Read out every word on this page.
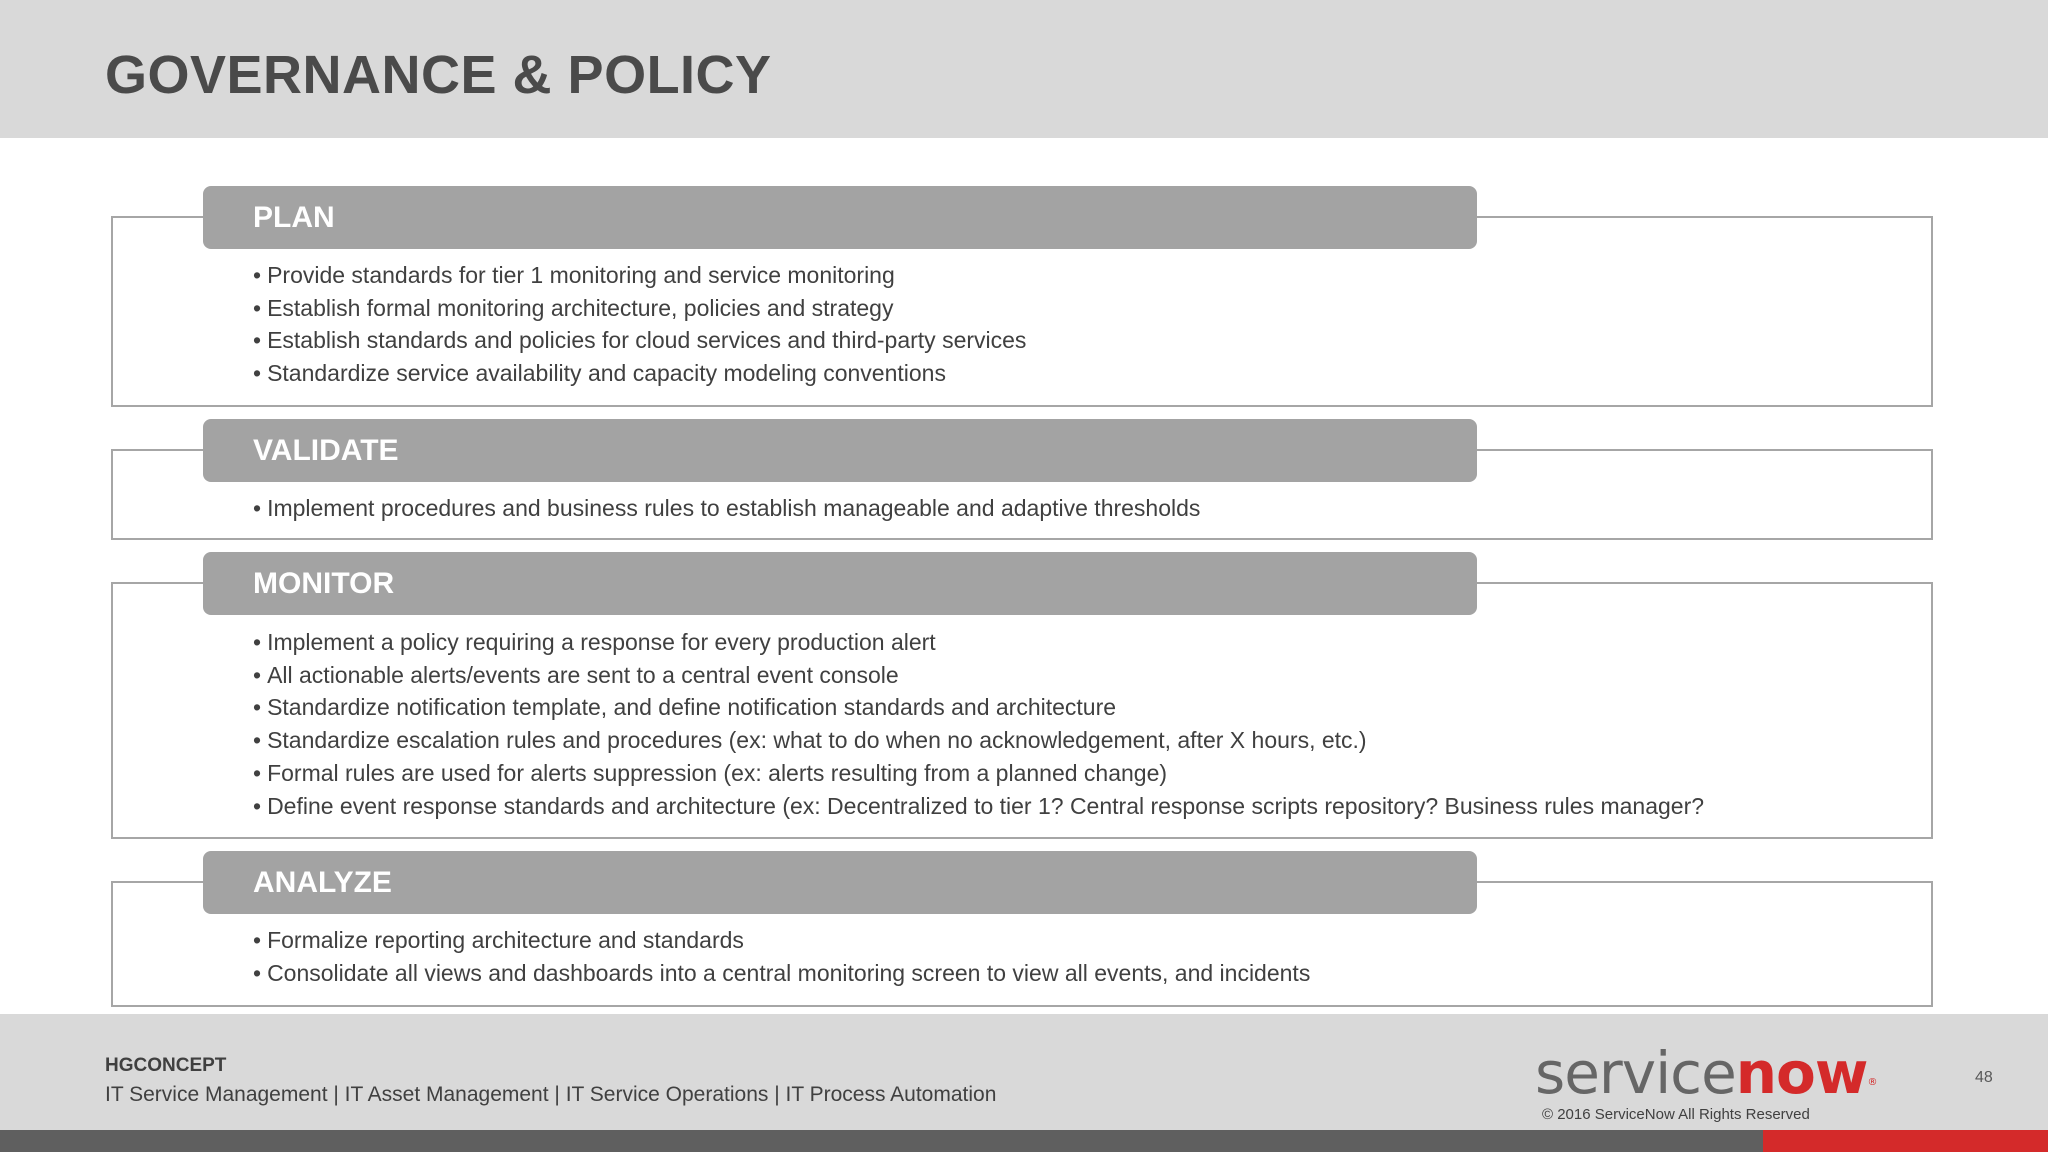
GOVERNANCE & POLICY
PLAN
• Provide standards for tier 1 monitoring and service monitoring
• Establish formal monitoring architecture, policies and strategy
• Establish standards and policies for cloud services and third-party services
• Standardize service availability and capacity modeling conventions
VALIDATE
• Implement procedures and business rules to establish manageable and adaptive thresholds
MONITOR
• Implement a policy requiring a response for every production alert
• All actionable alerts/events are sent to a central event console
• Standardize notification template, and define notification standards and architecture
• Standardize escalation rules and procedures (ex: what to do when no acknowledgement, after X hours, etc.)
• Formal rules are used for alerts suppression (ex: alerts resulting from a planned change)
• Define event response standards and architecture (ex: Decentralized to tier 1? Central response scripts repository? Business rules manager?
ANALYZE
• Formalize reporting architecture and standards
• Consolidate all views and dashboards into a central monitoring screen to view all events, and incidents
HGCONCEPT
IT Service Management | IT Asset Management | IT Service Operations | IT Process Automation	servicenow®
© 2016 ServiceNow All Rights Reserved
48
